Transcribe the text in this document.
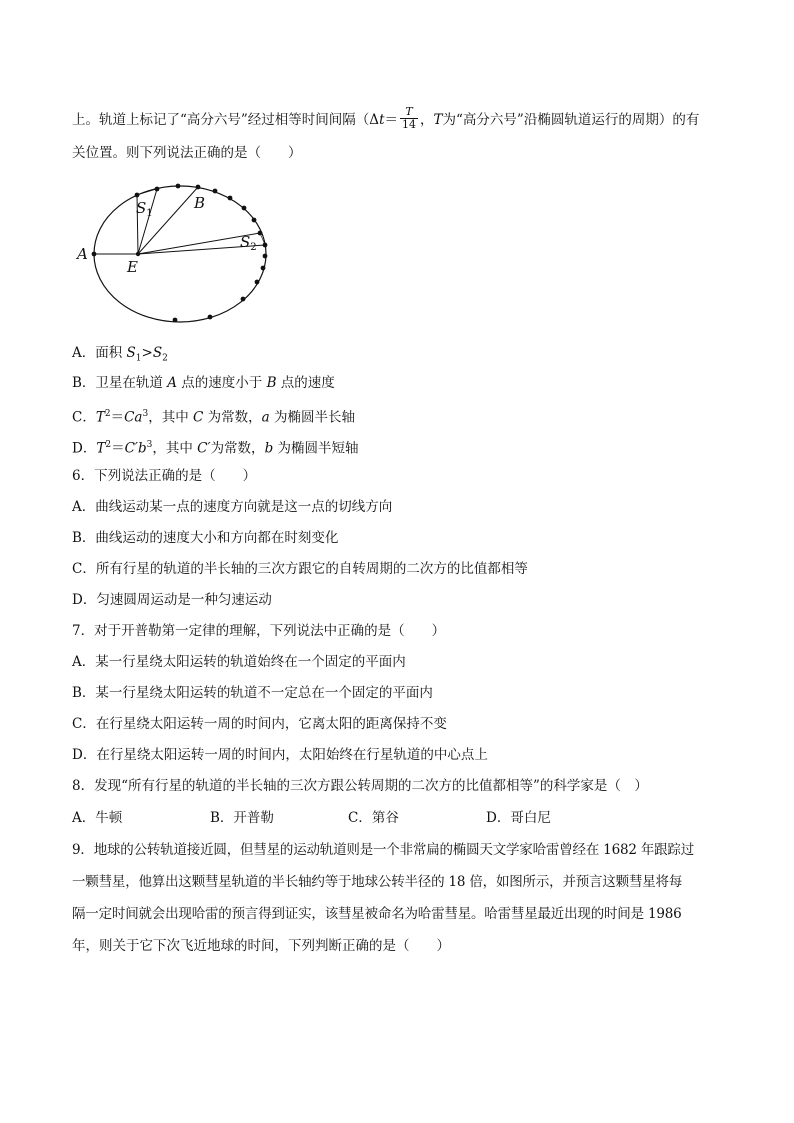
上。轨道上标记了“高分六号”经过相等时间间隔（$\Delta t= \frac{T}{14}$ ，T为“高分六号”沿椭圆轨道运行的周期）的有
关位置。则下列说法正确的是（　　）
A
E
B
$S_1$
$S_2$
A．面积 $S_1>S_2$
B．卫星在轨道 A 点的速度小于 B 点的速度
C．$T^2=Ca^3$，其中 C 为常数，a 为椭圆半长轴
D．$T^2=C'b^3$，其中 C′为常数，b 为椭圆半短轴
6．下列说法正确的是（　　）
A．曲线运动某一点的速度方向就是这一点的切线方向
B．曲线运动的速度大小和方向都在时刻变化
C．所有行星的轨道的半长轴的三次方跟它的自转周期的二次方的比值都相等
D．匀速圆周运动是一种匀速运动
7．对于开普勒第一定律的理解，下列说法中正确的是（　　）
A．某一行星绕太阳运转的轨道始终在一个固定的平面内
B．某一行星绕太阳运转的轨道不一定总在一个固定的平面内
C．在行星绕太阳运转一周的时间内，它离太阳的距离保持不变
D．在行星绕太阳运转一周的时间内，太阳始终在行星轨道的中心点上
8．发现“所有行星的轨道的半长轴的三次方跟公转周期的二次方的比值都相等”的科学家是（　）
A．牛顿	B．开普勒	C．第谷	D．哥白尼
9．地球的公转轨道接近圆，但彗星的运动轨道则是一个非常扁的椭圆天文学家哈雷曾经在 1682 年跟踪过
一颗彗星，他算出这颗彗星轨道的半长轴约等于地球公转半径的 18 倍，如图所示，并预言这颗彗星将每
隔一定时间就会出现哈雷的预言得到证实，该彗星被命名为哈雷彗星。哈雷彗星最近出现的时间是 1986
年，则关于它下次飞近地球的时间，下列判断正确的是（　　）
